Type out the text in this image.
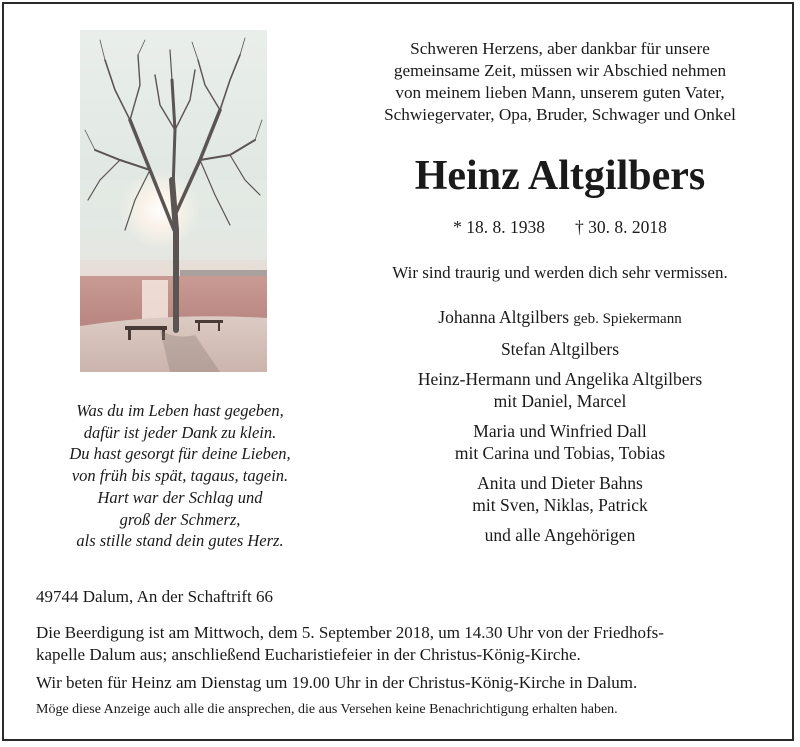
Was du im Leben hast gegeben,
dafür ist jeder Dank zu klein.
Du hast gesorgt für deine Lieben,
von früh bis spät, tagaus, tagein.
Hart war der Schlag und
groß der Schmerz,
als stille stand dein gutes Herz.
Schweren Herzens, aber dankbar für unsere
gemeinsame Zeit, müssen wir Abschied nehmen
von meinem lieben Mann, unserem guten Vater,
Schwiegervater, Opa, Bruder, Schwager und Onkel
Heinz Altgilbers
* 18. 8. 1938 † 30. 8. 2018
Wir sind traurig und werden dich sehr vermissen.
Johanna Altgilbers geb. Spiekermann
Stefan Altgilbers
Heinz-Hermann und Angelika Altgilbers
mit Daniel, Marcel
Maria und Winfried Dall
mit Carina und Tobias, Tobias
Anita und Dieter Bahns
mit Sven, Niklas, Patrick
und alle Angehörigen
49744 Dalum, An der Schaftrift 66
Die Beerdigung ist am Mittwoch, dem 5. September 2018, um 14.30 Uhr von der Friedhofs-
kapelle Dalum aus; anschließend Eucharistiefeier in der Christus-König-Kirche.
Wir beten für Heinz am Dienstag um 19.00 Uhr in der Christus-König-Kirche in Dalum.
Möge diese Anzeige auch alle die ansprechen, die aus Versehen keine Benachrichtigung erhalten haben.
